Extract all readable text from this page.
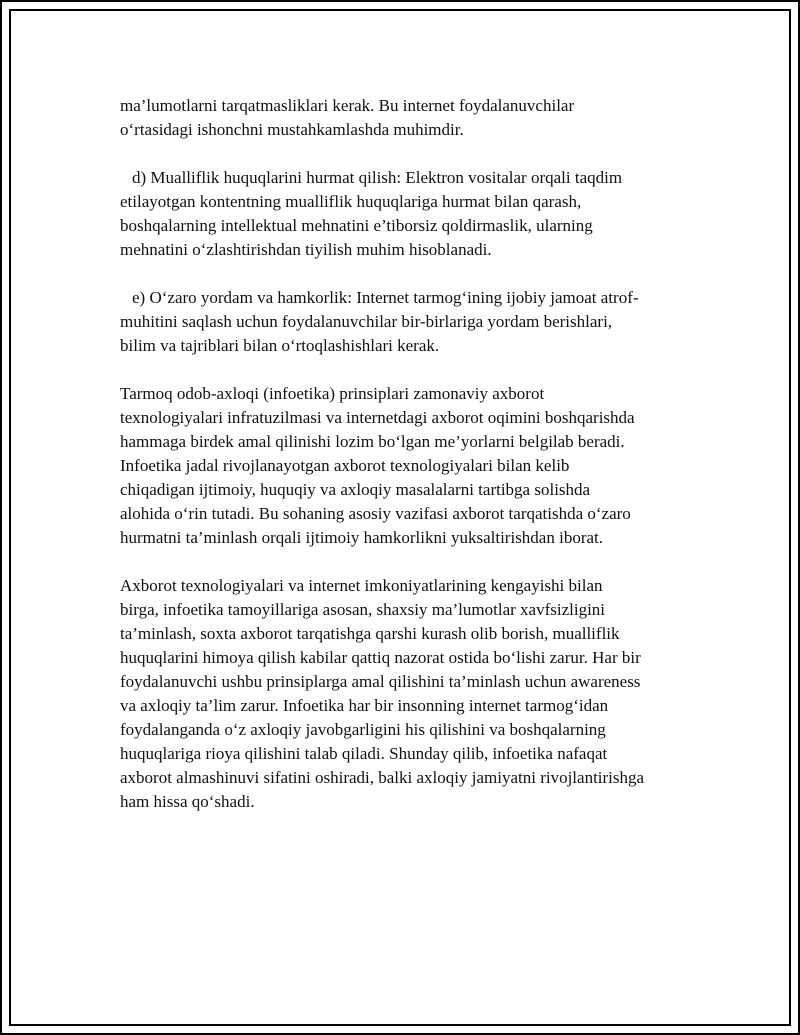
ma’lumotlarni tarqatmasliklari kerak. Bu internet foydalanuvchilar
o‘rtasidagi ishonchni mustahkamlashda muhimdir.

d) Mualliflik huquqlarini hurmat qilish: Elektron vositalar orqali taqdim
etilayotgan kontentning mualliflik huquqlariga hurmat bilan qarash,
boshqalarning intellektual mehnatini e’tiborsiz qoldirmaslik, ularning
mehnatini o‘zlashtirishdan tiyilish muhim hisoblanadi.

e) O‘zaro yordam va hamkorlik: Internet tarmog‘ining ijobiy jamoat atrof-
muhitini saqlash uchun foydalanuvchilar bir-birlariga yordam berishlari,
bilim va tajriblari bilan o‘rtoqlashishlari kerak.

Tarmoq odob-axloqi (infoetika) prinsiplari zamonaviy axborot
texnologiyalari infratuzilmasi va internetdagi axborot oqimini boshqarishda
hammaga birdek amal qilinishi lozim bo‘lgan me’yorlarni belgilab beradi.
Infoetika jadal rivojlanayotgan axborot texnologiyalari bilan kelib
chiqadigan ijtimoiy, huquqiy va axloqiy masalalarni tartibga solishda
alohida o‘rin tutadi. Bu sohaning asosiy vazifasi axborot tarqatishda o‘zaro
hurmatni ta’minlash orqali ijtimoiy hamkorlikni yuksaltirishdan iborat.

Axborot texnologiyalari va internet imkoniyatlarining kengayishi bilan
birga, infoetika tamoyillariga asosan, shaxsiy ma’lumotlar xavfsizligini
ta’minlash, soxta axborot tarqatishga qarshi kurash olib borish, mualliflik
huquqlarini himoya qilish kabilar qattiq nazorat ostida bo‘lishi zarur. Har bir
foydalanuvchi ushbu prinsiplarga amal qilishini ta’minlash uchun awareness
va axloqiy ta’lim zarur. Infoetika har bir insonning internet tarmog‘idan
foydalanganda o‘z axloqiy javobgarligini his qilishini va boshqalarning
huquqlariga rioya qilishini talab qiladi. Shunday qilib, infoetika nafaqat
axborot almashinuvi sifatini oshiradi, balki axloqiy jamiyatni rivojlantirishga
ham hissa qo‘shadi.
